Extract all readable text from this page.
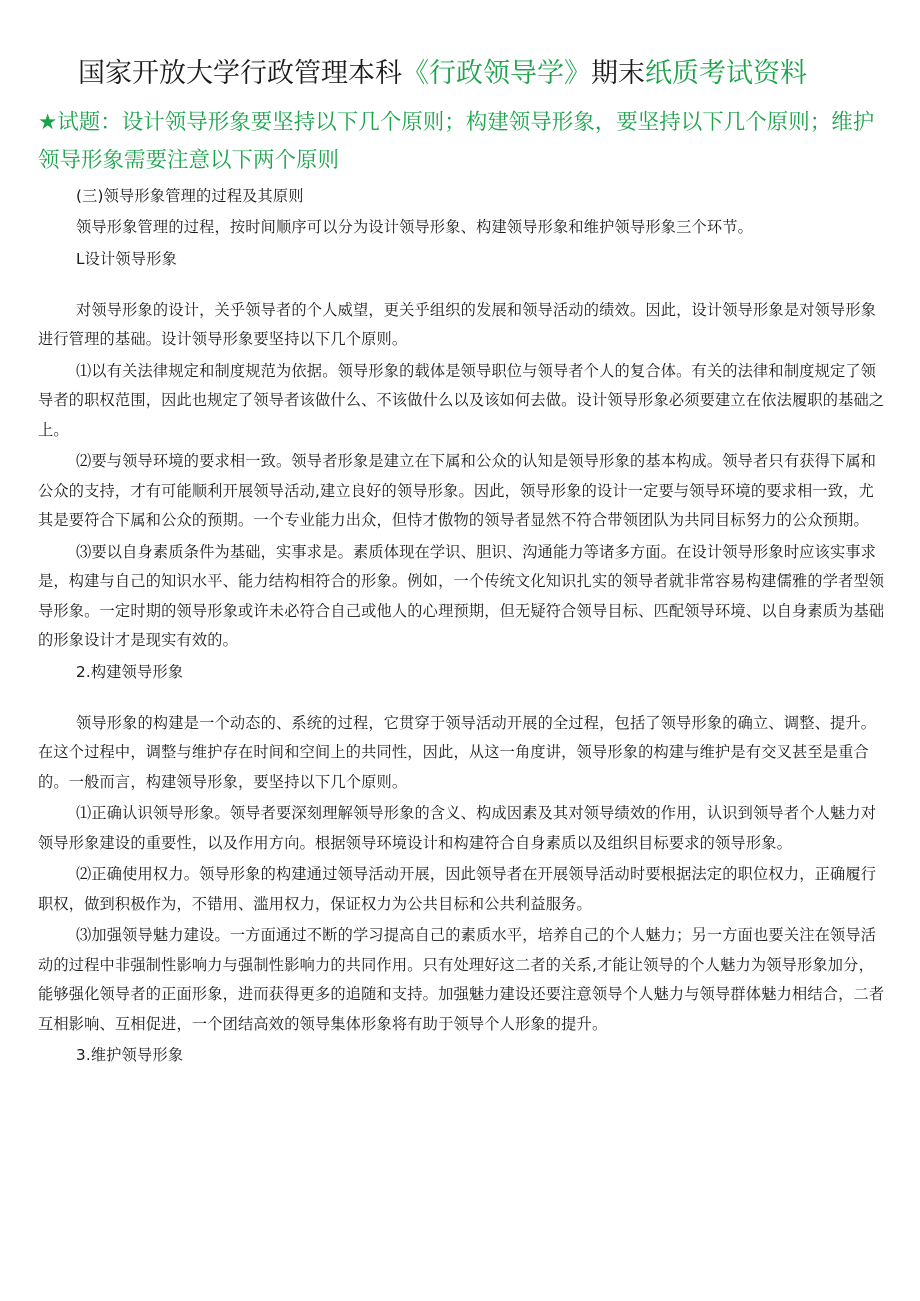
国家开放大学行政管理本科《行政领导学》期末纸质考试资料
★试题：设计领导形象要坚持以下几个原则；构建领导形象，要坚持以下几个原则；维护领导形象需要注意以下两个原则

(三)领导形象管理的过程及其原则

领导形象管理的过程，按时间顺序可以分为设计领导形象、构建领导形象和维护领导形象三个环节。

L设计领导形象

对领导形象的设计，关乎领导者的个人威望，更关乎组织的发展和领导活动的绩效。因此，设计领导形象是对领导形象进行管理的基础。设计领导形象要坚持以下几个原则。

⑴以有关法律规定和制度规范为依据。领导形象的载体是领导职位与领导者个人的复合体。有关的法律和制度规定了领导者的职权范围，因此也规定了领导者该做什么、不该做什么以及该如何去做。设计领导形象必须要建立在依法履职的基础之上。

⑵要与领导环境的要求相一致。领导者形象是建立在下属和公众的认知是领导形象的基本构成。领导者只有获得下属和公众的支持，才有可能顺利开展领导活动,建立良好的领导形象。因此，领导形象的设计一定要与领导环境的要求相一致，尤其是要符合下属和公众的预期。一个专业能力出众，但恃才傲物的领导者显然不符合带领团队为共同目标努力的公众预期。

⑶要以自身素质条件为基础，实事求是。素质体现在学识、胆识、沟通能力等诸多方面。在设计领导形象时应该实事求是，构建与自己的知识水平、能力结构相符合的形象。例如，一个传统文化知识扎实的领导者就非常容易构建儒雅的学者型领导形象。一定时期的领导形象或许未必符合自己或他人的心理预期，但无疑符合领导目标、匹配领导环境、以自身素质为基础的形象设计才是现实有效的。

2.构建领导形象

领导形象的构建是一个动态的、系统的过程，它贯穿于领导活动开展的全过程，包括了领导形象的确立、调整、提升。在这个过程中，调整与维护存在时间和空间上的共同性，因此，从这一角度讲，领导形象的构建与维护是有交叉甚至是重合的。一般而言，构建领导形象，要坚持以下几个原则。

⑴正确认识领导形象。领导者要深刻理解领导形象的含义、构成因素及其对领导绩效的作用，认识到领导者个人魅力对领导形象建设的重要性，以及作用方向。根据领导环境设计和构建符合自身素质以及组织目标要求的领导形象。

⑵正确使用权力。领导形象的构建通过领导活动开展，因此领导者在开展领导活动时要根据法定的职位权力，正确履行职权，做到积极作为，不错用、滥用权力，保证权力为公共目标和公共利益服务。

⑶加强领导魅力建设。一方面通过不断的学习提高自己的素质水平，培养自己的个人魅力；另一方面也要关注在领导活动的过程中非强制性影响力与强制性影响力的共同作用。只有处理好这二者的关系,才能让领导的个人魅力为领导形象加分，能够强化领导者的正面形象，进而获得更多的追随和支持。加强魅力建设还要注意领导个人魅力与领导群体魅力相结合，二者互相影响、互相促进，一个团结高效的领导集体形象将有助于领导个人形象的提升。

3.维护领导形象
